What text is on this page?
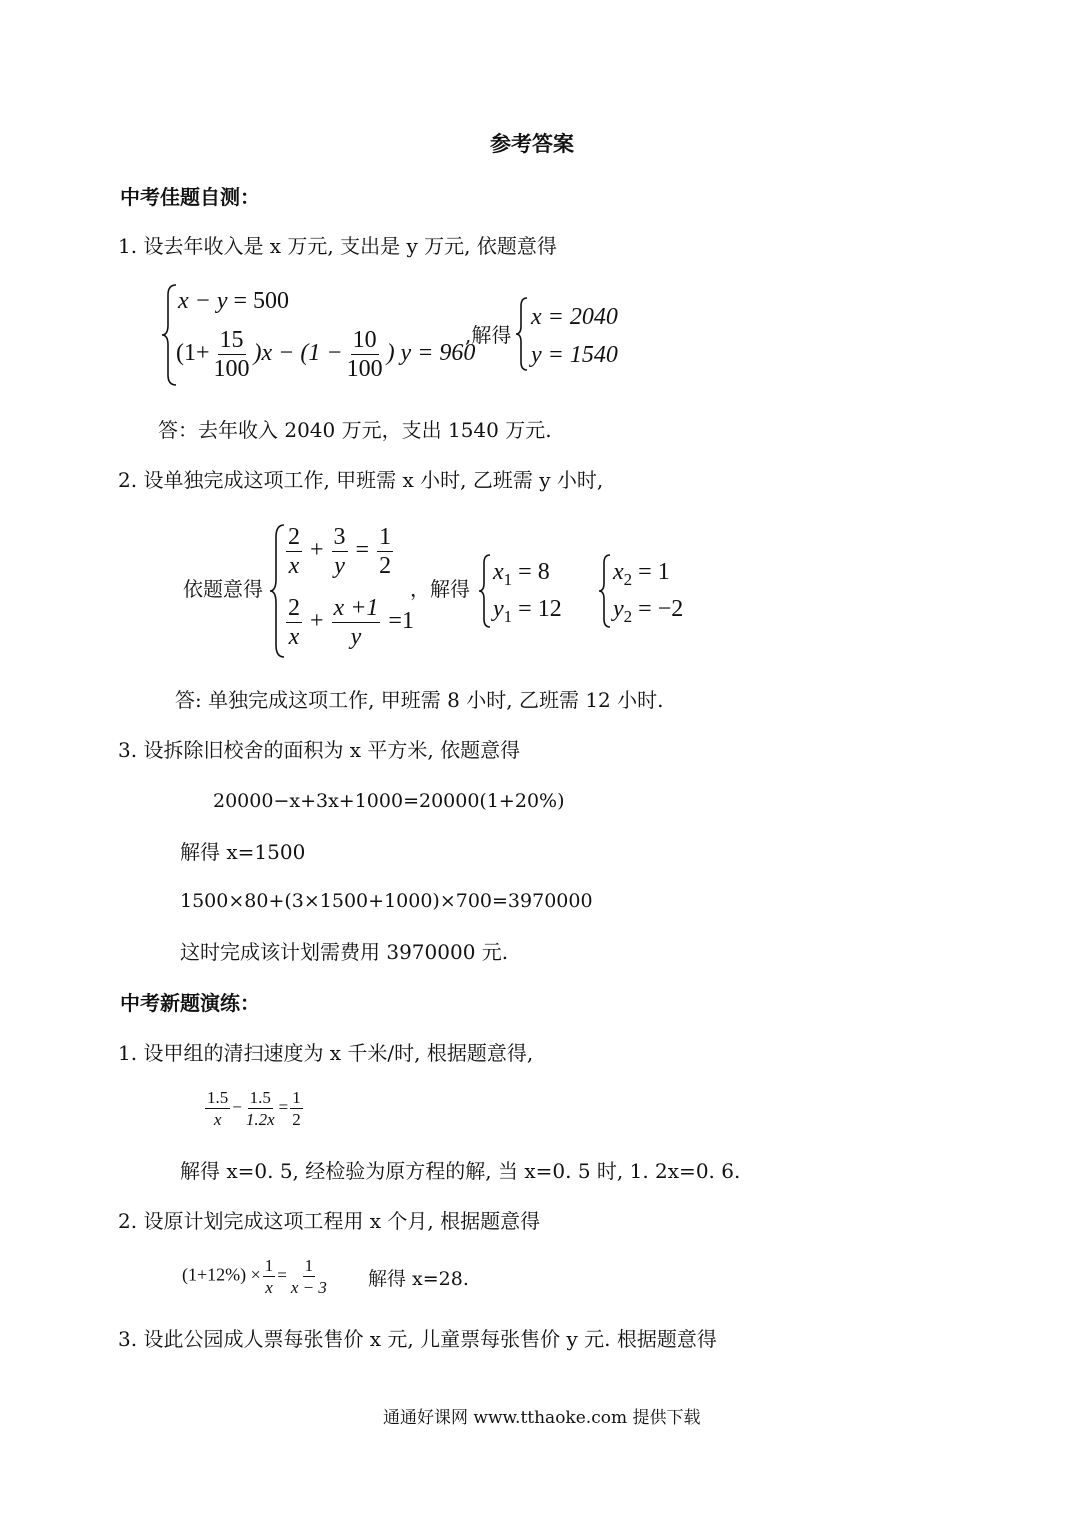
参考答案
中考佳题自测：
1. 设去年收入是 x 万元, 支出是 y 万元, 依题意得
x − y = 500
$(1+ \frac{15}{100} )x - (1 - \frac{10}{100}$ ) y = 960
,解得
x = 2040
y = 1540
答：去年收入 2040 万元，支出 1540 万元.
2. 设单独完成这项工作, 甲班需 x 小时, 乙班需 y 小时,
依题意得
$\frac{2}{x} + \frac{3}{y} = \frac{1}{2}$
$\frac{2}{x} + \frac{x +1}{y} =1$
，解得
$x_1 = 8$
$y_1 = 12$
$x_2 = 1$
$y_2 = -2$
答: 单独完成这项工作, 甲班需 8 小时, 乙班需 12 小时.
3. 设拆除旧校舍的面积为 x 平方米, 依题意得
20000−x+3x+1000=20000(1+20%)
解得 x=1500
1500×80+(3×1500+1000)×700=3970000
这时完成该计划需费用 3970000 元.
中考新题演练：
1. 设甲组的清扫速度为 x 千米/时, 根据题意得,
$\frac{1.5}{x} - \frac{1.5}{1.2x} = \frac{1}{2}$
解得 x=0. 5, 经检验为原方程的解, 当 x=0. 5 时, 1. 2x=0. 6.
2. 设原计划完成这项工程用 x 个月, 根据题意得
$(1+12\%) \times \frac{1}{x} = \frac{1}{x - 3}$ 解得 x=28.
3. 设此公园成人票每张售价 x 元, 儿童票每张售价 y 元. 根据题意得
通通好课网 www.tthaoke.com 提供下载
